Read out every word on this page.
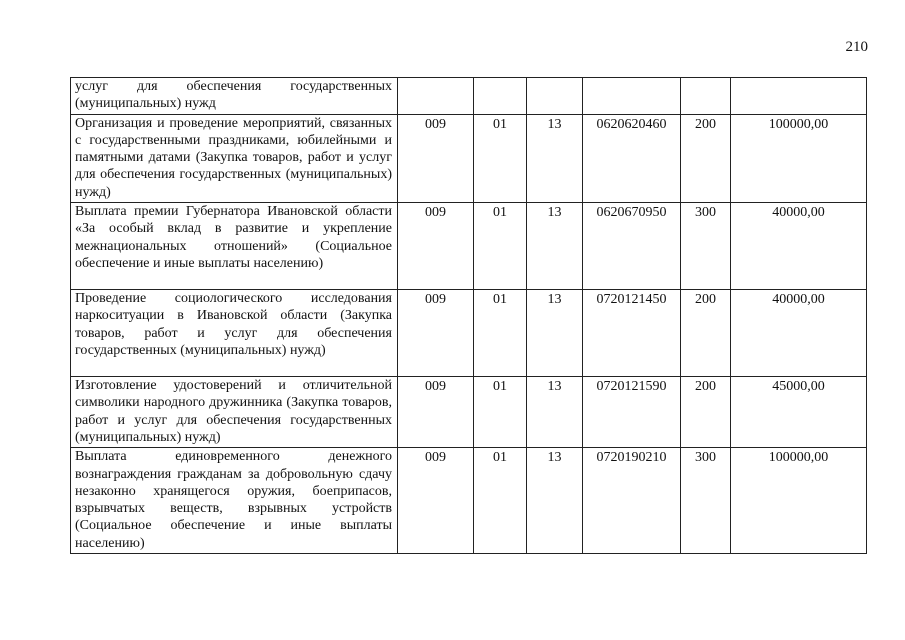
210
услуг для обеспечения государственных (муниципальных) нужд						
Организация и проведение мероприятий, связанных с государственными праздниками, юбилейными и памятными датами (Закупка товаров, работ и услуг для обеспечения государственных (муниципальных) нужд)	009	01	13	0620620460	200	100000,00
Выплата премии Губернатора Ивановской области «За особый вклад в развитие и укрепление межнациональных отношений» (Социальное обеспечение и иные выплаты населению)	009	01	13	0620670950	300	40000,00
Проведение социологического исследования наркоситуации в Ивановской области (Закупка товаров, работ и услуг для обеспечения государственных (муниципальных) нужд)	009	01	13	0720121450	200	40000,00
Изготовление удостоверений и отличительной символики народного дружинника (Закупка товаров, работ и услуг для обеспечения государственных (муниципальных) нужд)	009	01	13	0720121590	200	45000,00
Выплата единовременного денежного вознаграждения гражданам за добровольную сдачу незаконно хранящегося оружия, боеприпасов, взрывчатых веществ, взрывных устройств (Социальное обеспечение и иные выплаты населению)	009	01	13	0720190210	300	100000,00
